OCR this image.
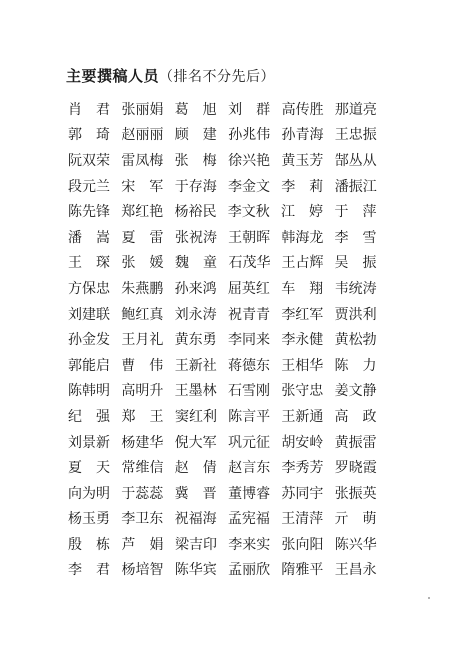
主要撰稿人员（排名不分先后）
肖君
张丽娟 葛旭
刘群
高传胜 那道亮
郭琦
赵丽丽 顾建
孙兆伟 孙青海 王忠振
阮双荣 雷凤梅 张梅
徐兴艳 黄玉芳 郜丛从
段元兰 宋军
于存海 李金文 李莉
潘振江
陈先锋 郑红艳 杨裕民 李文秋 江婷
于萍
潘嵩
夏雷
张祝涛 王朝晖 韩海龙 李雪
王琛
张媛
魏童
石茂华 王占辉 吴振
方保忠 朱燕鹏 孙来鸿 屈英红 车翔
韦统涛
刘建联 鲍红真 刘永涛 祝青青 李红军 贾洪利
孙金发 王月礼 黄东勇 李同来 李永健 黄松勃
郭能启 曹伟
王新社 蒋德东 王相华 陈力
陈韩明 高明升 王墨林 石雪刚 张守忠 姜文静
纪强
郑王
窦红利 陈言平 王新通 高政
刘景新 杨建华 倪大军 巩元征 胡安岭 黄振雷
夏天
常维信 赵倩
赵言东 李秀芳 罗晓霞
向为明 于蕊蕊 冀晋
董博睿 苏同宇 张振英
杨玉勇 李卫东 祝福海 孟宪福 王清萍 亓萌
殷栋
芦娟
梁吉印 李来实 张向阳 陈兴华
李君
杨培智 陈华宾 孟丽欣 隋雅平 王昌永
